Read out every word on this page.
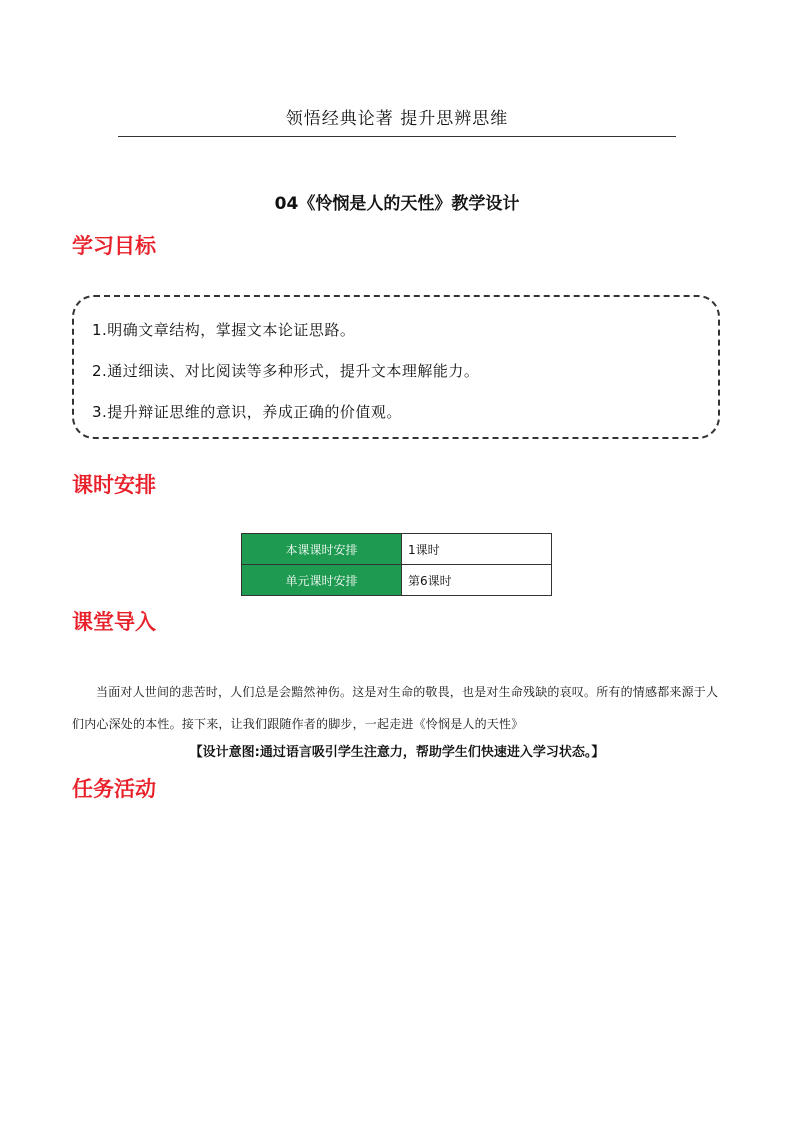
领悟经典论著 提升思辨思维
04《怜悯是人的天性》教学设计
学习目标
1.明确文章结构，掌握文本论证思路。
2.通过细读、对比阅读等多种形式，提升文本理解能力。
3.提升辩证思维的意识，养成正确的价值观。
课时安排
本课课时安排	1课时
单元课时安排	第6课时
课堂导入
当面对人世间的悲苦时，人们总是会黯然神伤。这是对生命的敬畏，也是对生命残缺的哀叹。所有的情感都来源于人们内心深处的本性。接下来，让我们跟随作者的脚步，一起走进《怜悯是人的天性》
【设计意图:通过语言吸引学生注意力，帮助学生们快速进入学习状态。】
任务活动
